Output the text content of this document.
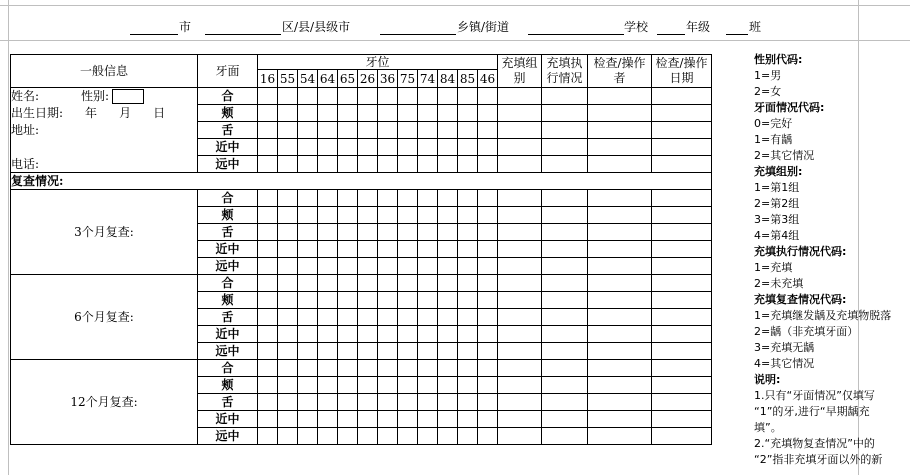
市	区/县/县级市	乡镇/街道	学校	年级	班
一般信息	牙面	牙位												充填组别	充填执行情况	检查/操作者	检查/操作日期
		16	55	54	64	65	26	36	75	74	84	85	46				
姓名: 性别:	合																
出生日期: 年 月 日	颊																
地址:	舌																
	近中																
电话:	远中																
复查情况:																	
3个月复查:	合																
	颊																
	舌																
	近中																
	远中																
6个月复查:	合																
	颊																
	舌																
	近中																
	远中																
12个月复查:	合																
	颊																
	舌																
	近中																
	远中																
性别代码:
1=男
2=女
牙面情况代码:
0=完好
1=有龋
2=其它情况
充填组别:
1=第1组
2=第2组
3=第3组
4=第4组
充填执行情况代码:
1=充填
2=未充填
充填复查情况代码:
1=充填继发龋及充填物脱落
2=龋（非充填牙面）
3=充填无龋
4=其它情况
说明:
1.只有“牙面情况”仅填写
“1”的牙,进行“早期龋充
填”。
2.“充填物复查情况”中的
“2”指非充填牙面以外的新
